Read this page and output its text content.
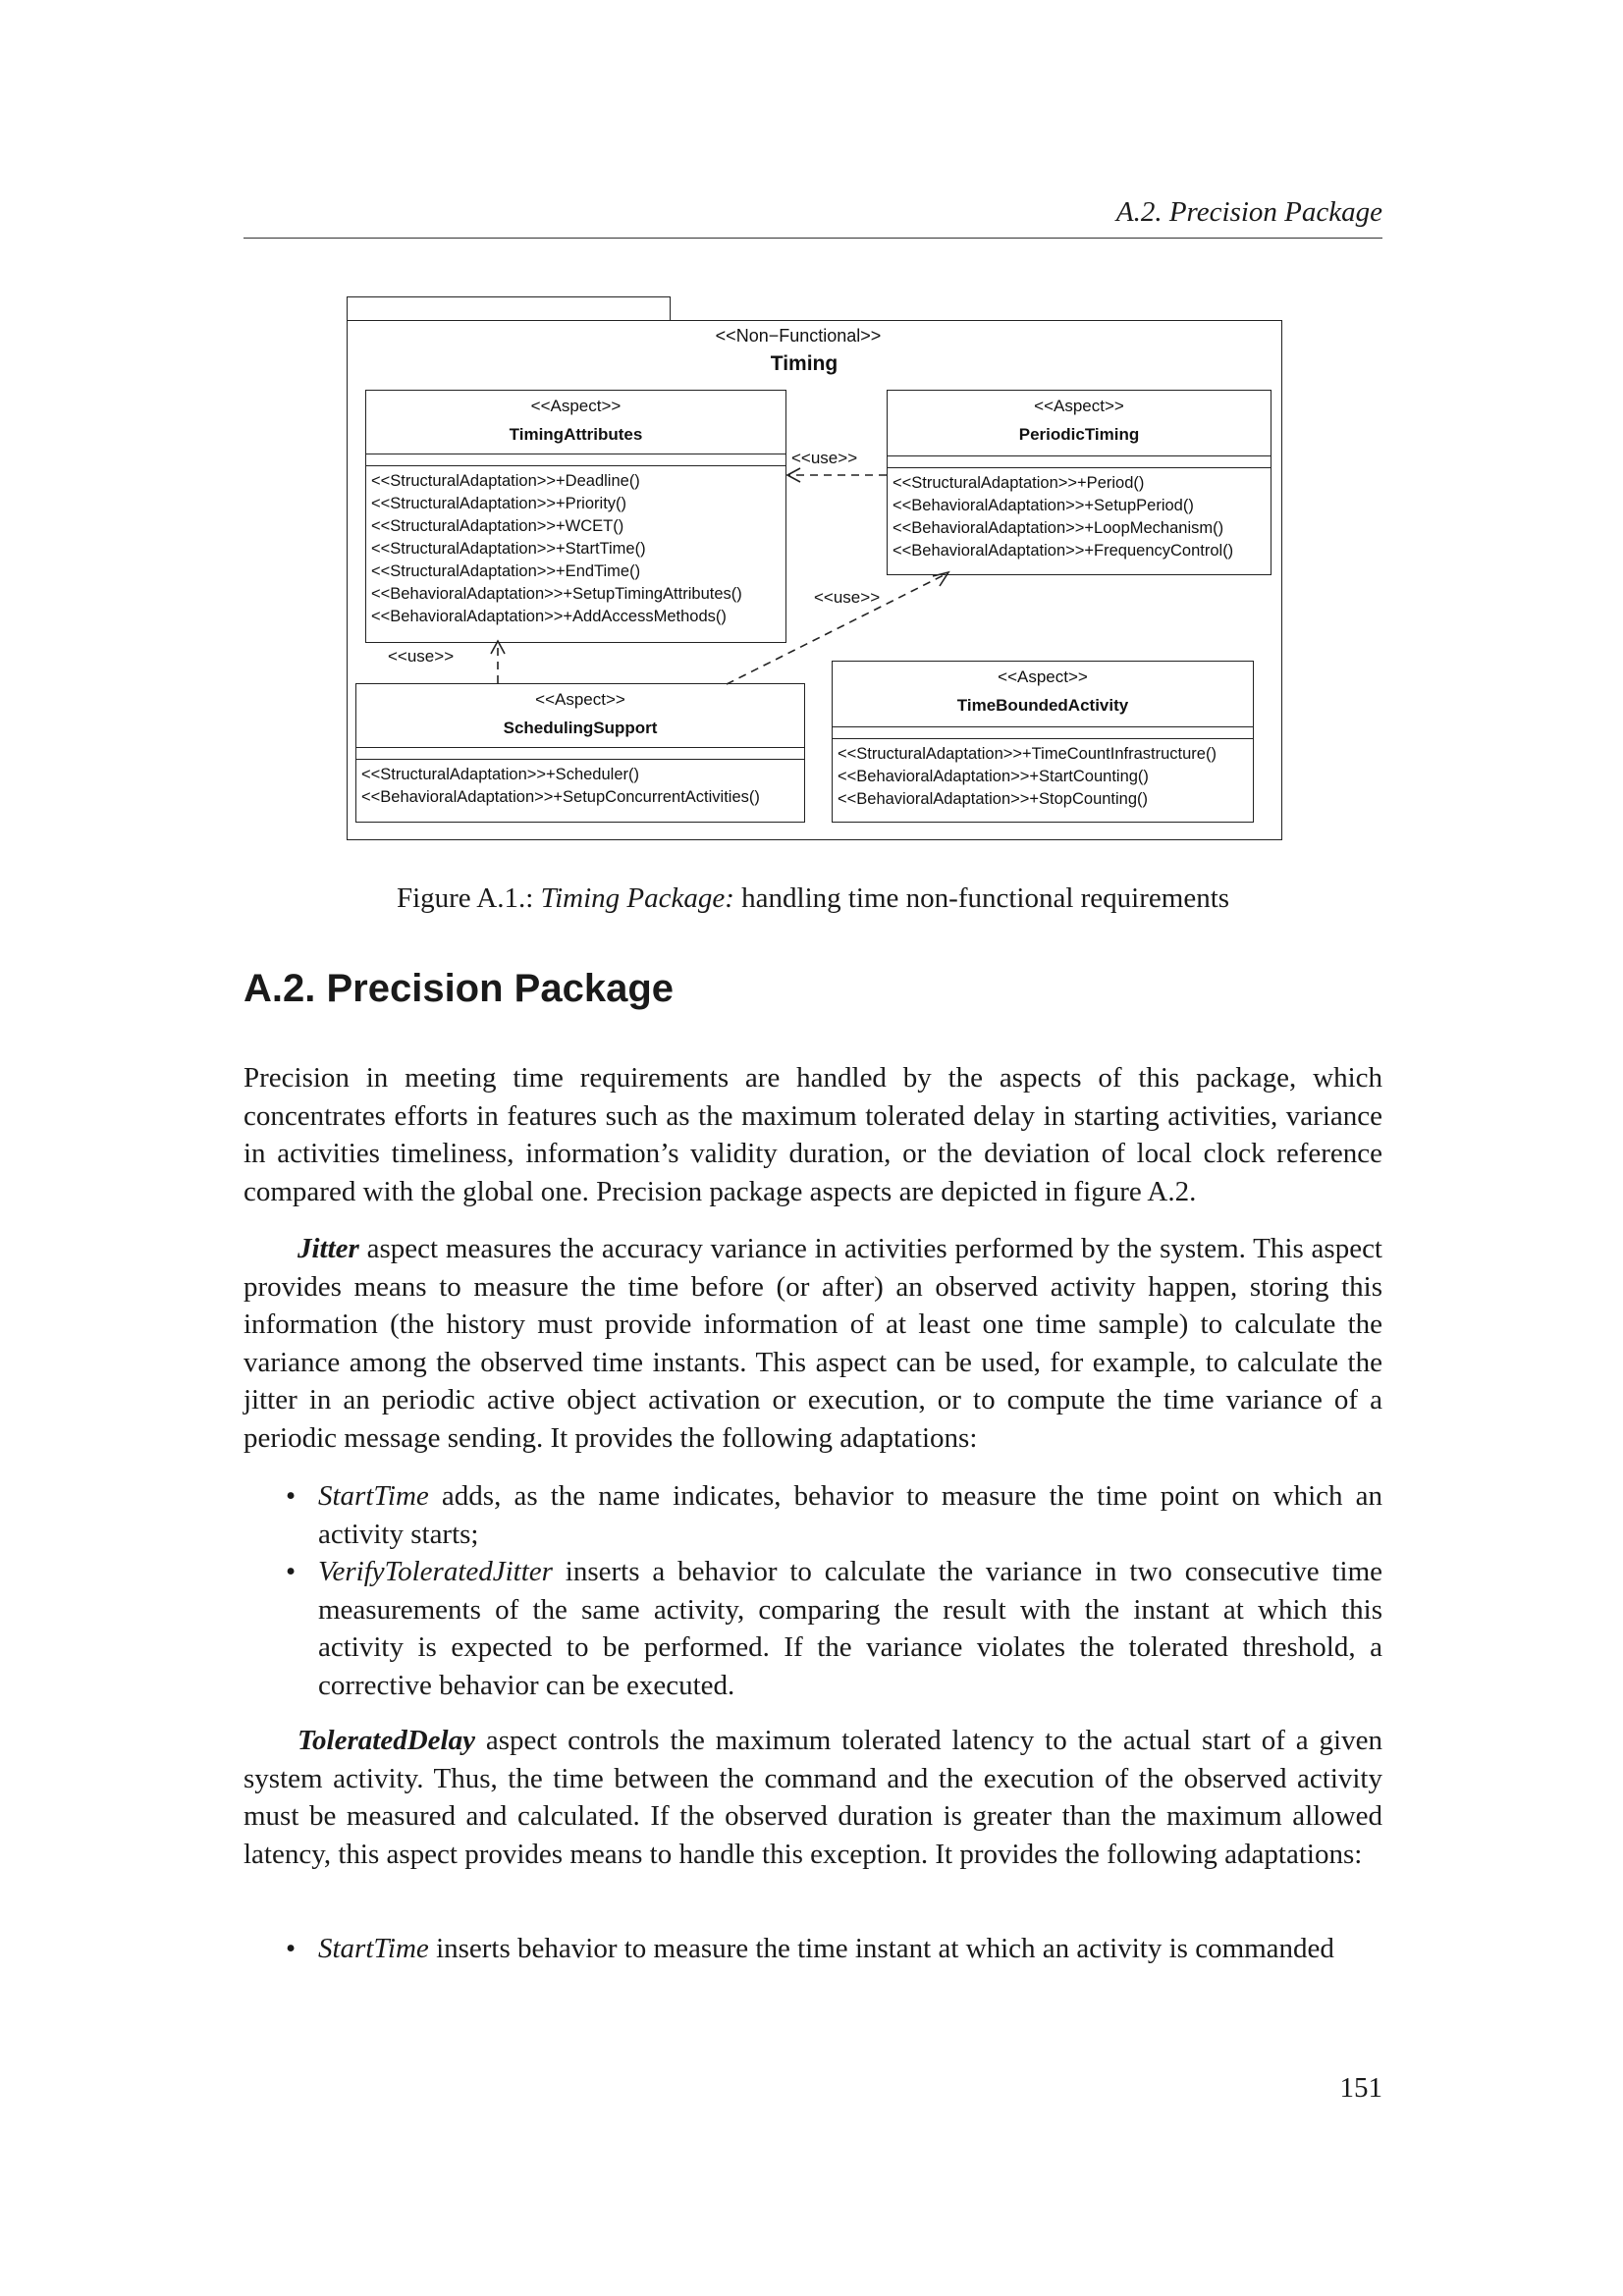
A.2. Precision Package
<<Non−Functional>>
Timing
<<Aspect>>
TimingAttributes
<<StructuralAdaptation>>+Deadline()
<<StructuralAdaptation>>+Priority()
<<StructuralAdaptation>>+WCET()
<<StructuralAdaptation>>+StartTime()
<<StructuralAdaptation>>+EndTime()
<<BehavioralAdaptation>>+SetupTimingAttributes()
<<BehavioralAdaptation>>+AddAccessMethods()
<<Aspect>>
PeriodicTiming
<<StructuralAdaptation>>+Period()
<<BehavioralAdaptation>>+SetupPeriod()
<<BehavioralAdaptation>>+LoopMechanism()
<<BehavioralAdaptation>>+FrequencyControl()
<<Aspect>>
SchedulingSupport
<<StructuralAdaptation>>+Scheduler()
<<BehavioralAdaptation>>+SetupConcurrentActivities()
<<Aspect>>
TimeBoundedActivity
<<StructuralAdaptation>>+TimeCountInfrastructure()
<<BehavioralAdaptation>>+StartCounting()
<<BehavioralAdaptation>>+StopCounting()
<<use>>
<<use>>
<<use>>
Figure A.1.: Timing Package: handling time non-functional requirements
A.2. Precision Package

Precision in meeting time requirements are handled by the aspects of this package, which concentrates efforts in features such as the maximum tolerated delay in starting activities, variance in activities timeliness, information’s validity duration, or the deviation of local clock reference compared with the global one. Precision package aspects are depicted in figure A.2.

Jitter aspect measures the accuracy variance in activities performed by the system. This aspect provides means to measure the time before (or after) an observed activity happen, storing this information (the history must provide information of at least one time sample) to calculate the variance among the observed time instants. This aspect can be used, for example, to calculate the jitter in an periodic active object activation or execution, or to compute the time variance of a periodic message sending. It provides the following adaptations:

• StartTime adds, as the name indicates, behavior to measure the time point on which an activity starts;
• VerifyToleratedJitter inserts a behavior to calculate the variance in two consecutive time measurements of the same activity, comparing the result with the instant at which this activity is expected to be performed. If the variance violates the tolerated threshold, a corrective behavior can be executed.

ToleratedDelay aspect controls the maximum tolerated latency to the actual start of a given system activity. Thus, the time between the command and the execution of the observed activity must be measured and calculated. If the observed duration is greater than the maximum allowed latency, this aspect provides means to handle this exception. It provides the following adaptations:

• StartTime inserts behavior to measure the time instant at which an activity is commanded
151
